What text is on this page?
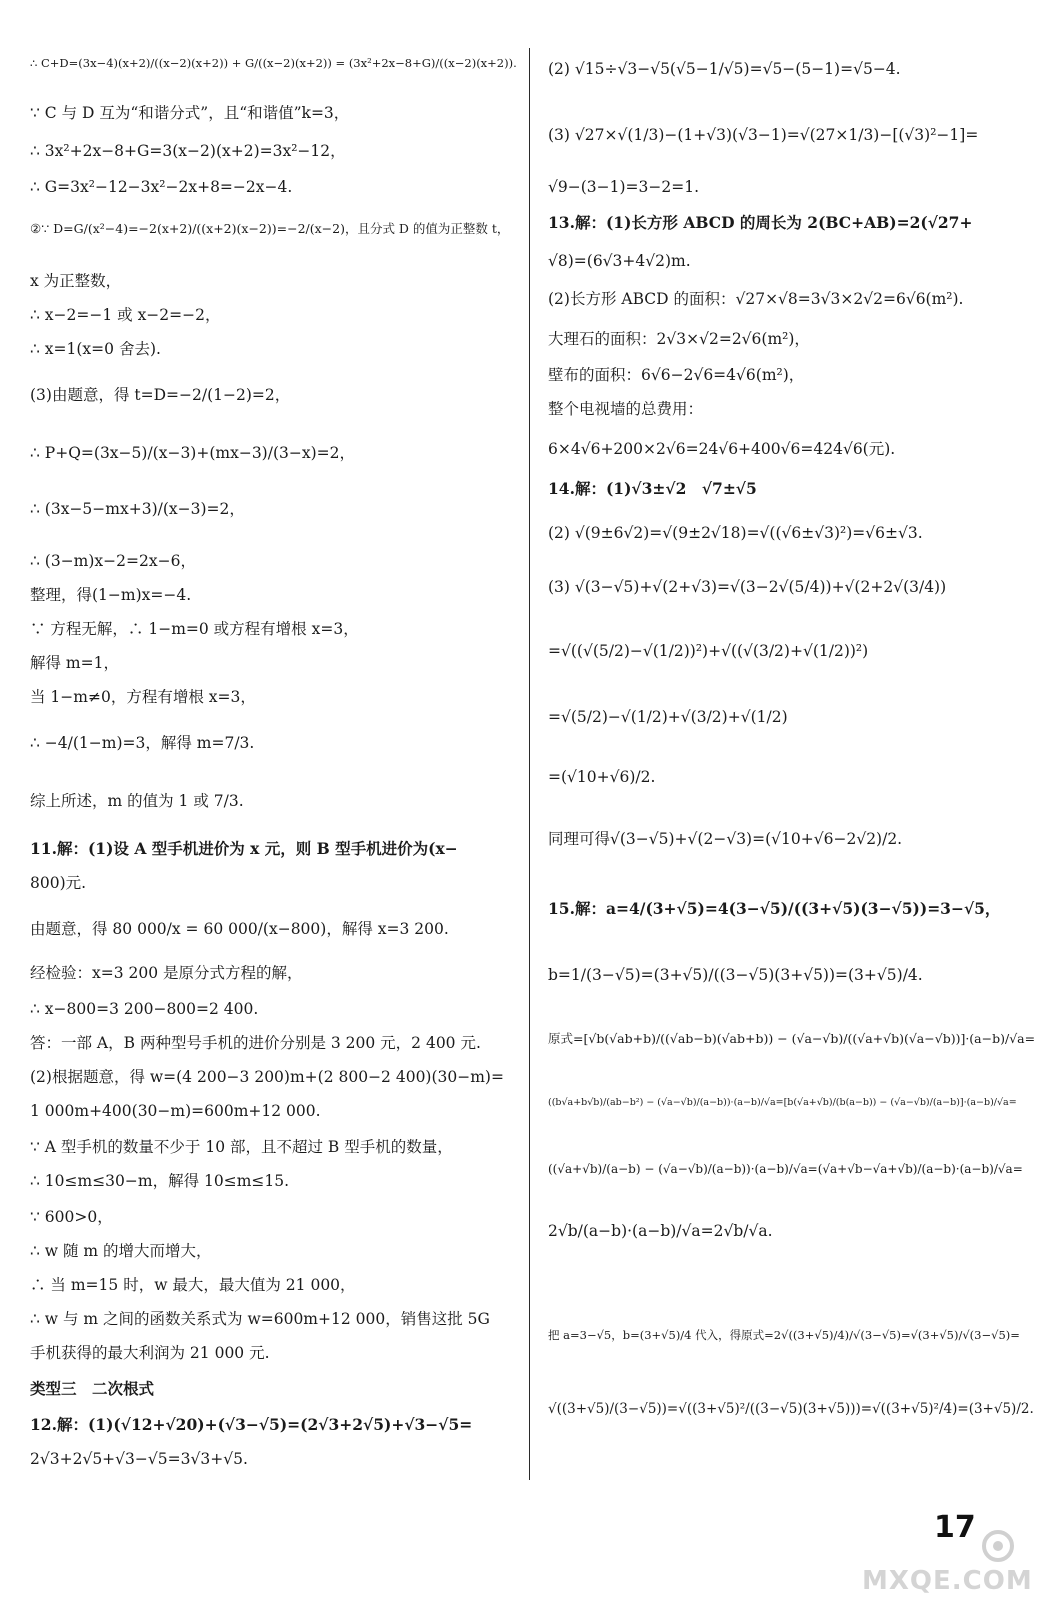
∴ C+D=(3x−4)(x+2)/((x−2)(x+2)) + G/((x−2)(x+2)) = (3x²+2x−8+G)/((x−2)(x+2)).
∵ C 与 D 互为“和谐分式”，且“和谐值”k=3，
∴ 3x²+2x−8+G=3(x−2)(x+2)=3x²−12，
∴ G=3x²−12−3x²−2x+8=−2x−4.
②∵ D=G/(x²−4)=−2(x+2)/((x+2)(x−2))=−2/(x−2)，且分式 D 的值为正整数 t，
x 为正整数，
∴ x−2=−1 或 x−2=−2，
∴ x=1(x=0 舍去).
(3)由题意，得 t=D=−2/(1−2)=2，
∴ P+Q=(3x−5)/(x−3)+(mx−3)/(3−x)=2，
∴ (3x−5−mx+3)/(x−3)=2，
∴ (3−m)x−2=2x−6，
整理，得(1−m)x=−4.
∵ 方程无解，∴ 1−m=0 或方程有增根 x=3，
解得 m=1，
当 1−m≠0，方程有增根 x=3，
∴ −4/(1−m)=3，解得 m=7/3.
综上所述，m 的值为 1 或 7/3.
11.解：(1)设 A 型手机进价为 x 元，则 B 型手机进价为(x−
800)元.
由题意，得 80 000/x = 60 000/(x−800)，解得 x=3 200.
经检验：x=3 200 是原分式方程的解，
∴ x−800=3 200−800=2 400.
答：一部 A，B 两种型号手机的进价分别是 3 200 元，2 400 元.
(2)根据题意，得 w=(4 200−3 200)m+(2 800−2 400)(30−m)=
1 000m+400(30−m)=600m+12 000.
∵ A 型手机的数量不少于 10 部，且不超过 B 型手机的数量，
∴ 10≤m≤30−m，解得 10≤m≤15.
∵ 600>0，
∴ w 随 m 的增大而增大，
∴ 当 m=15 时，w 最大，最大值为 21 000，
∴ w 与 m 之间的函数关系式为 w=600m+12 000，销售这批 5G
手机获得的最大利润为 21 000 元.
类型三　二次根式
12.解：(1)(√12+√20)+(√3−√5)=(2√3+2√5)+√3−√5=
2√3+2√5+√3−√5=3√3+√5.
(2) √15÷√3−√5(√5−1/√5)=√5−(5−1)=√5−4.
(3) √27×√(1/3)−(1+√3)(√3−1)=√(27×1/3)−[(√3)²−1]=
√9−(3−1)=3−2=1.
13.解：(1)长方形 ABCD 的周长为 2(BC+AB)=2(√27+
√8)=(6√3+4√2)m.
(2)长方形 ABCD 的面积：√27×√8=3√3×2√2=6√6(m²).
大理石的面积：2√3×√2=2√6(m²)，
壁布的面积：6√6−2√6=4√6(m²)，
整个电视墙的总费用：
6×4√6+200×2√6=24√6+400√6=424√6(元).
14.解：(1)√3±√2　√7±√5
(2) √(9±6√2)=√(9±2√18)=√((√6±√3)²)=√6±√3.
(3) √(3−√5)+√(2+√3)=√(3−2√(5/4))+√(2+2√(3/4))
=√((√(5/2)−√(1/2))²)+√((√(3/2)+√(1/2))²)
=√(5/2)−√(1/2)+√(3/2)+√(1/2)
=(√10+√6)/2.
同理可得√(3−√5)+√(2−√3)=(√10+√6−2√2)/2.
15.解：a=4/(3+√5)=4(3−√5)/((3+√5)(3−√5))=3−√5，
b=1/(3−√5)=(3+√5)/((3−√5)(3+√5))=(3+√5)/4.
原式=[√b(√ab+b)/((√ab−b)(√ab+b)) − (√a−√b)/((√a+√b)(√a−√b))]·(a−b)/√a=
((b√a+b√b)/(ab−b²) − (√a−√b)/(a−b))·(a−b)/√a=[b(√a+√b)/(b(a−b)) − (√a−√b)/(a−b)]·(a−b)/√a=
((√a+√b)/(a−b) − (√a−√b)/(a−b))·(a−b)/√a=(√a+√b−√a+√b)/(a−b)·(a−b)/√a=
2√b/(a−b)·(a−b)/√a=2√b/√a.
把 a=3−√5，b=(3+√5)/4 代入，得原式=2√((3+√5)/4)/√(3−√5)=√(3+√5)/√(3−√5)=
√((3+√5)/(3−√5))=√((3+√5)²/((3−√5)(3+√5)))=√((3+√5)²/4)=(3+√5)/2.
17
MXQE.COM
